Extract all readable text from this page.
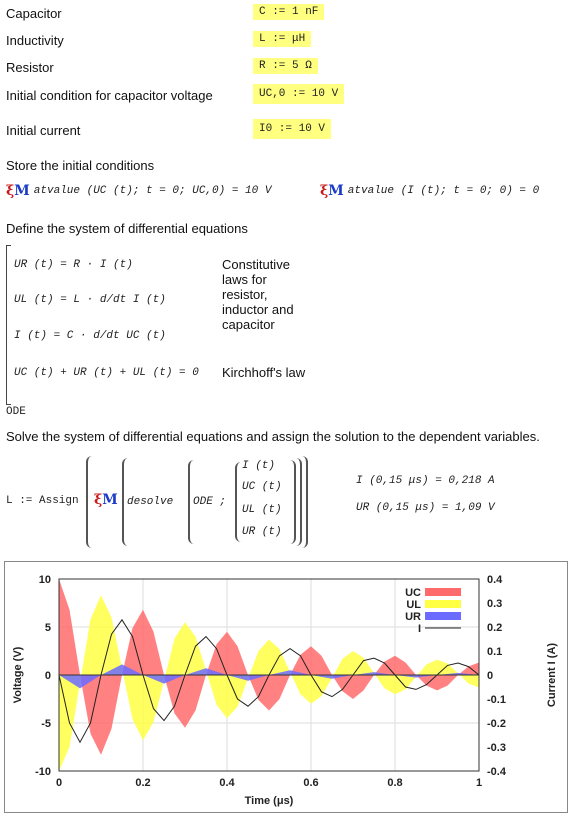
Capacitor	C := 1 nF
Inductivity	L := μH
Resistor	R := 5 Ω
Initial condition for capacitor voltage	UC,0 := 10 V
Initial current	I0 := 10 V
Store the initial conditions
ξM atvalue (UC (t); t = 0; UC,0) = 10 V	ξM atvalue (I (t); t = 0; 0) = 0
Define the system of differential equations
UR (t) = R · I (t)
UL (t) = L · d/dt I (t)
I (t) = C · d/dt UC (t)
UC (t) + UR (t) + UL (t) = 0
Constitutive laws for resistor, inductor and capacitor
Kirchhoff's law
ODE
Solve the system of differential equations and assign the solution to the dependent variables.
L := Assign ξM desolve ODE ;
I (t)
UC (t)
UL (t)
UR (t)
I (0,15 μs) = 0,218 A
UR (0,15 μs) = 1,09 V
0	0.2	0.4	0.6	0.8	1
10
5
0
-5
-10
0.4
0.3
0.2
0.1
0
-0.1
-0.2
-0.3
-0.4
Time (μs)
Voltage (V)	Current I (A)
UC
UL
UR
I
